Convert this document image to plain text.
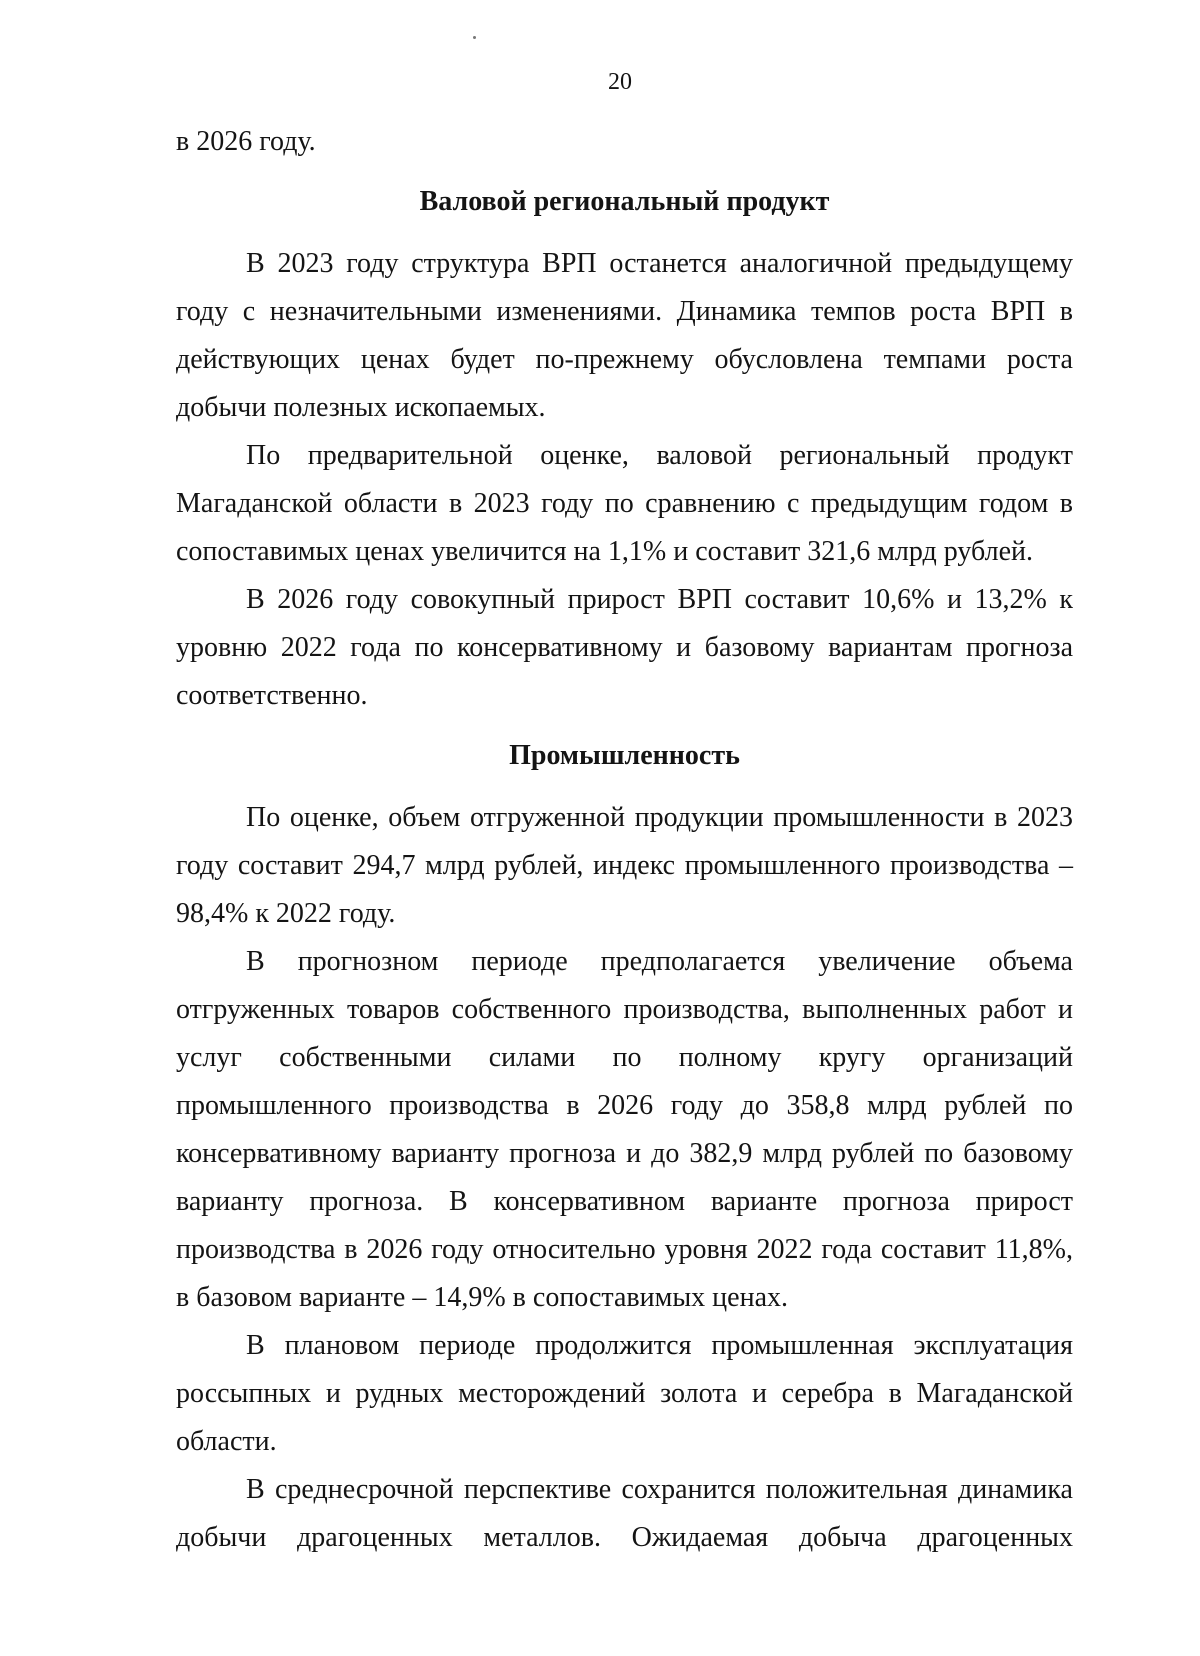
20

в 2026 году.

Валовой региональный продукт

В 2023 году структура ВРП останется аналогичной предыдущему году с незначительными изменениями. Динамика темпов роста ВРП в действующих ценах будет по-прежнему обусловлена темпами роста добычи полезных ископаемых.

По предварительной оценке, валовой региональный продукт Магаданской области в 2023 году по сравнению с предыдущим годом в сопоставимых ценах увеличится на 1,1% и составит 321,6 млрд рублей.

В 2026 году совокупный прирост ВРП составит 10,6% и 13,2% к уровню 2022 года по консервативному и базовому вариантам прогноза соответственно.

Промышленность

По оценке, объем отгруженной продукции промышленности в 2023 году составит 294,7 млрд рублей, индекс промышленного производства – 98,4% к 2022 году.

В прогнозном периоде предполагается увеличение объема отгруженных товаров собственного производства, выполненных работ и услуг собственными силами по полному кругу организаций промышленного производства в 2026 году до 358,8 млрд рублей по консервативному варианту прогноза и до 382,9 млрд рублей по базовому варианту прогноза. В консервативном варианте прогноза прирост производства в 2026 году относительно уровня 2022 года составит 11,8%, в базовом варианте – 14,9% в сопоставимых ценах.

В плановом периоде продолжится промышленная эксплуатация россыпных и рудных месторождений золота и серебра в Магаданской области.

В среднесрочной перспективе сохранится положительная динамика добычи драгоценных металлов. Ожидаемая добыча драгоценных
